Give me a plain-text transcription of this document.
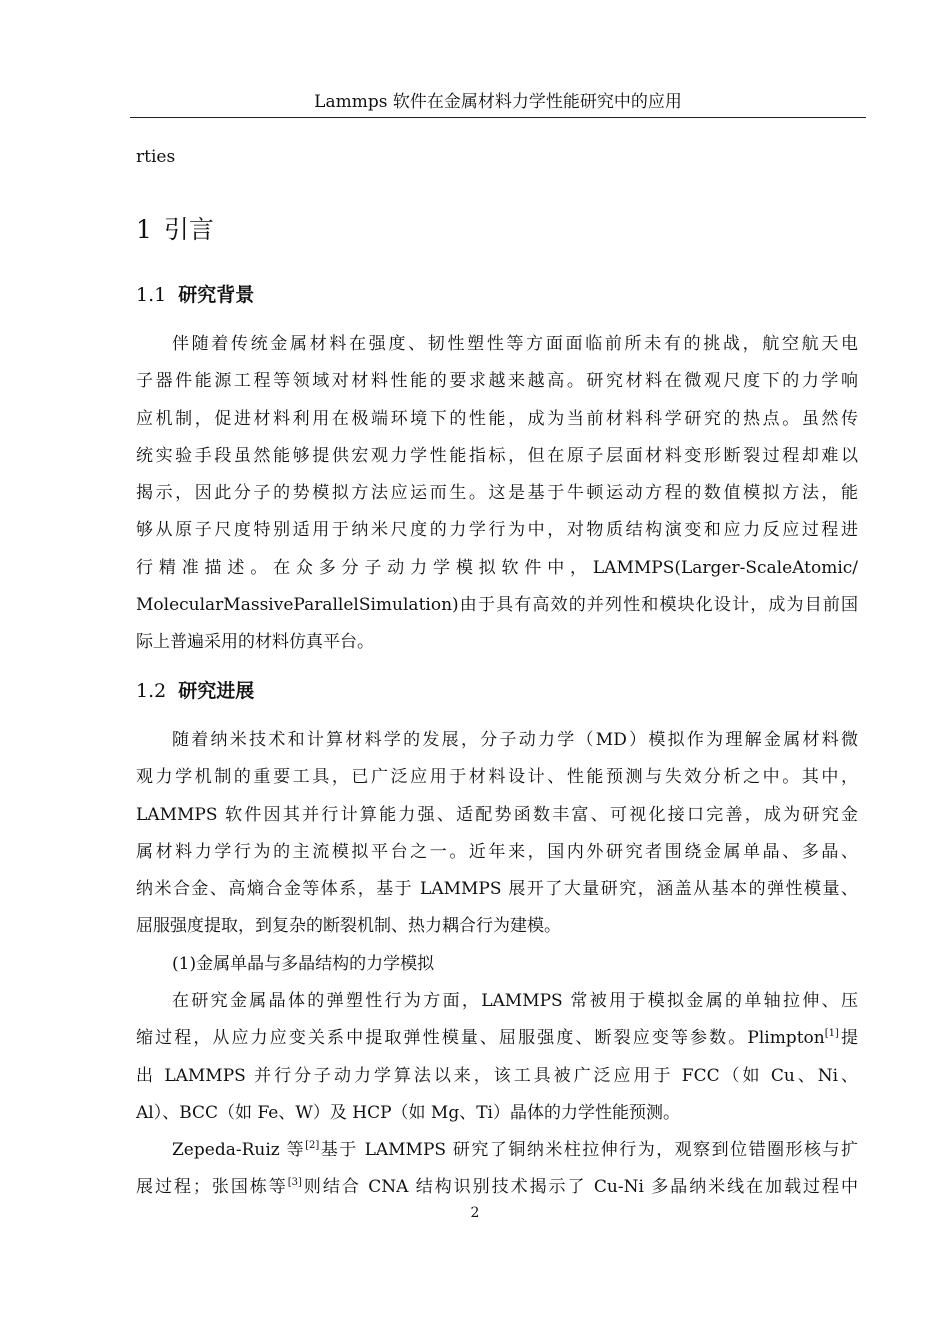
Lammps 软件在金属材料力学性能研究中的应用
rties
1 引言
1.1 研究背景
伴随着传统金属材料在强度、韧性塑性等方面面临前所未有的挑战，航空航天电
子器件能源工程等领域对材料性能的要求越来越高。研究材料在微观尺度下的力学响
应机制，促进材料利用在极端环境下的性能，成为当前材料科学研究的热点。虽然传
统实验手段虽然能够提供宏观力学性能指标，但在原子层面材料变形断裂过程却难以
揭示，因此分子的势模拟方法应运而生。这是基于牛顿运动方程的数值模拟方法，能
够从原子尺度特别适用于纳米尺度的力学行为中，对物质结构演变和应力反应过程进
行 精 准 描 述 。 在 众 多 分 子 动 力 学 模 拟 软 件 中 ， LAMMPS(Larger-ScaleAtomic/
MolecularMassiveParallelSimulation)由于具有高效的并列性和模块化设计，成为目前国
际上普遍采用的材料仿真平台。
1.2 研究进展
随着纳米技术和计算材料学的发展，分子动力学（MD）模拟作为理解金属材料微
观力学机制的重要工具，已广泛应用于材料设计、性能预测与失效分析之中。其中，
LAMMPS 软件因其并行计算能力强、适配势函数丰富、可视化接口完善，成为研究金
属材料力学行为的主流模拟平台之一。近年来，国内外研究者围绕金属单晶、多晶、
纳米合金、高熵合金等体系，基于 LAMMPS 展开了大量研究，涵盖从基本的弹性模量、
屈服强度提取，到复杂的断裂机制、热力耦合行为建模。
(1)金属单晶与多晶结构的力学模拟
在研究金属晶体的弹塑性行为方面，LAMMPS 常被用于模拟金属的单轴拉伸、压
缩过程，从应力应变关系中提取弹性模量、屈服强度、断裂应变等参数。Plimpton[1]提
出 LAMMPS 并行分子动力学算法以来，该工具被广泛应用于 FCC（如 Cu、Ni、
Al）、BCC（如 Fe、W）及 HCP（如 Mg、Ti）晶体的力学性能预测。
Zepeda-Ruiz 等[2]基于 LAMMPS 研究了铜纳米柱拉伸行为，观察到位错圈形核与扩
展过程；张国栋等[3]则结合 CNA 结构识别技术揭示了 Cu-Ni 多晶纳米线在加载过程中
2
